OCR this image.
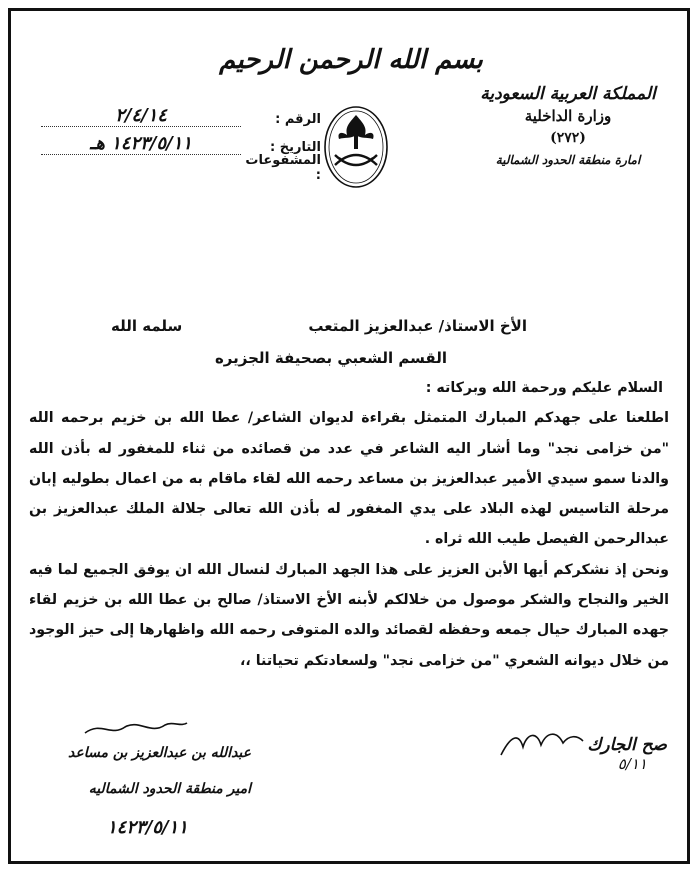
بسم الله الرحمن الرحيم
المملكة العربية السعودية
وزارة الداخلية
(٢٧٢)
امارة منطقة الحدود الشمالية
الرقم :
٢/٤/١٤
التاريخ :
١٤٢٣/٥/١١ هـ
المشفوعات :
الأخ الاستاذ/ عبدالعزيز المتعب
سلمه الله
القسم الشعبي بصحيفة الجزيره

السلام عليكم ورحمة الله وبركاته :

اطلعنا على جهدكم المبارك المتمثل بقراءة لديوان الشاعر/ عطا الله بن خزيم برحمه الله "من خزامى نجد" وما أشار اليه الشاعر في عدد من قصائده من ثناء للمغفور له بأذن الله والدنا سمو سيدي الأمير عبدالعزيز بن مساعد رحمه الله لقاء ماقام به من اعمال بطوليه إبان مرحلة التاسيس لهذه البلاد على يدي المغفور له بأذن الله تعالى جلالة الملك عبدالعزيز بن عبدالرحمن الفيصل طيب الله ثراه .

ونحن إذ نشكركم أيها الأبن العزيز على هذا الجهد المبارك لنسال الله ان يوفق الجميع لما فيه الخير والنجاح والشكر موصول من خلالكم لأبنه الأخ الاستاذ/ صالح بن عطا الله بن خزيم لقاء جهده المبارك حيال جمعه وحفظه لقصائد والده المتوفى رحمه الله واظهارها إلى حيز الوجود من خلال ديوانه الشعري "من خزامى نجد" ولسعادتكم تحياتنا ،،

صح الجارك
٥/١١
عبدالله بن عبدالعزيز بن مساعد
امير منطقة الحدود الشماليه
١٤٢٣/٥/١١
